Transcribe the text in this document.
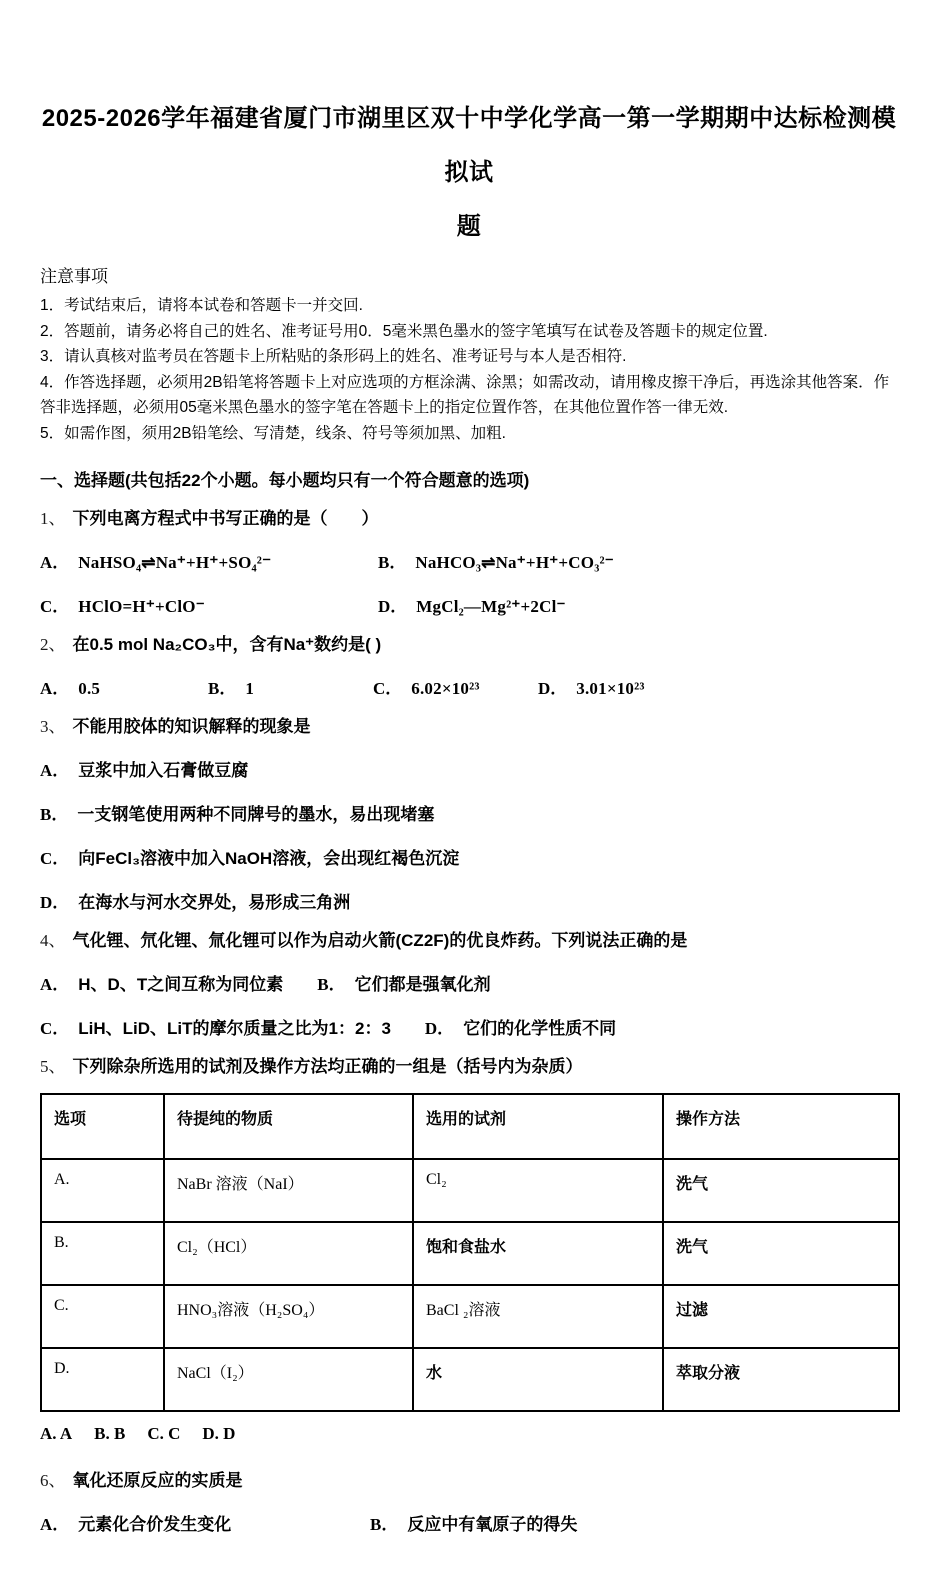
2025-2026学年福建省厦门市湖里区双十中学化学高一第一学期期中达标检测模拟试
题
注意事项

1．考试结束后，请将本试卷和答题卡一并交回.

2．答题前，请务必将自己的姓名、准考证号用0．5毫米黑色墨水的签字笔填写在试卷及答题卡的规定位置.

3．请认真核对监考员在答题卡上所粘贴的条形码上的姓名、准考证号与本人是否相符.

4．作答选择题，必须用2B铅笔将答题卡上对应选项的方框涂满、涂黑；如需改动，请用橡皮擦干净后，再选涂其他答案．作答非选择题，必须用05毫米黑色墨水的签字笔在答题卡上的指定位置作答，在其他位置作答一律无效.

5．如需作图，须用2B铅笔绘、写清楚，线条、符号等须加黑、加粗.

一、选择题(共包括22个小题。每小题均只有一个符合题意的选项)
1、 下列电离方程式中书写正确的是（　　）
A． NaHSO₄⇌Na⁺+H⁺+SO₄²⁻	B． NaHCO₃⇌Na⁺+H⁺+CO₃²⁻
C． HClO=H⁺+ClO⁻	D． MgCl₂—Mg²⁺+2Cl⁻
2、 在0.5 mol Na₂CO₃中，含有Na⁺数约是( )
A． 0.5	B． 1	C． 6.02×10²³	D． 3.01×10²³
3、 不能用胶体的知识解释的现象是
A． 豆浆中加入石膏做豆腐
B． 一支钢笔使用两种不同牌号的墨水，易出现堵塞
C． 向FeCl₃溶液中加入NaOH溶液，会出现红褐色沉淀
D． 在海水与河水交界处，易形成三角洲
4、 气化锂、氘化锂、氚化锂可以作为启动火箭(CZ2F)的优良炸药。下列说法正确的是
A． H、D、T之间互称为同位素 B． 它们都是强氧化剂
C． LiH、LiD、LiT的摩尔质量之比为1：2：3 D． 它们的化学性质不同
5、 下列除杂所选用的试剂及操作方法均正确的一组是（括号内为杂质）
选项	待提纯的物质	选用的试剂	操作方法
A.	NaBr 溶液（NaI）	Cl₂	洗气
B.	Cl₂（HCl）	饱和食盐水	洗气
C.	HNO₃溶液（H₂SO₄）	BaCl ₂溶液	过滤
D.	NaCl（I₂）	水	萃取分液
A. A B. B C. C D. D
6、 氧化还原反应的实质是
A． 元素化合价发生变化	B． 反应中有氧原子的得失
